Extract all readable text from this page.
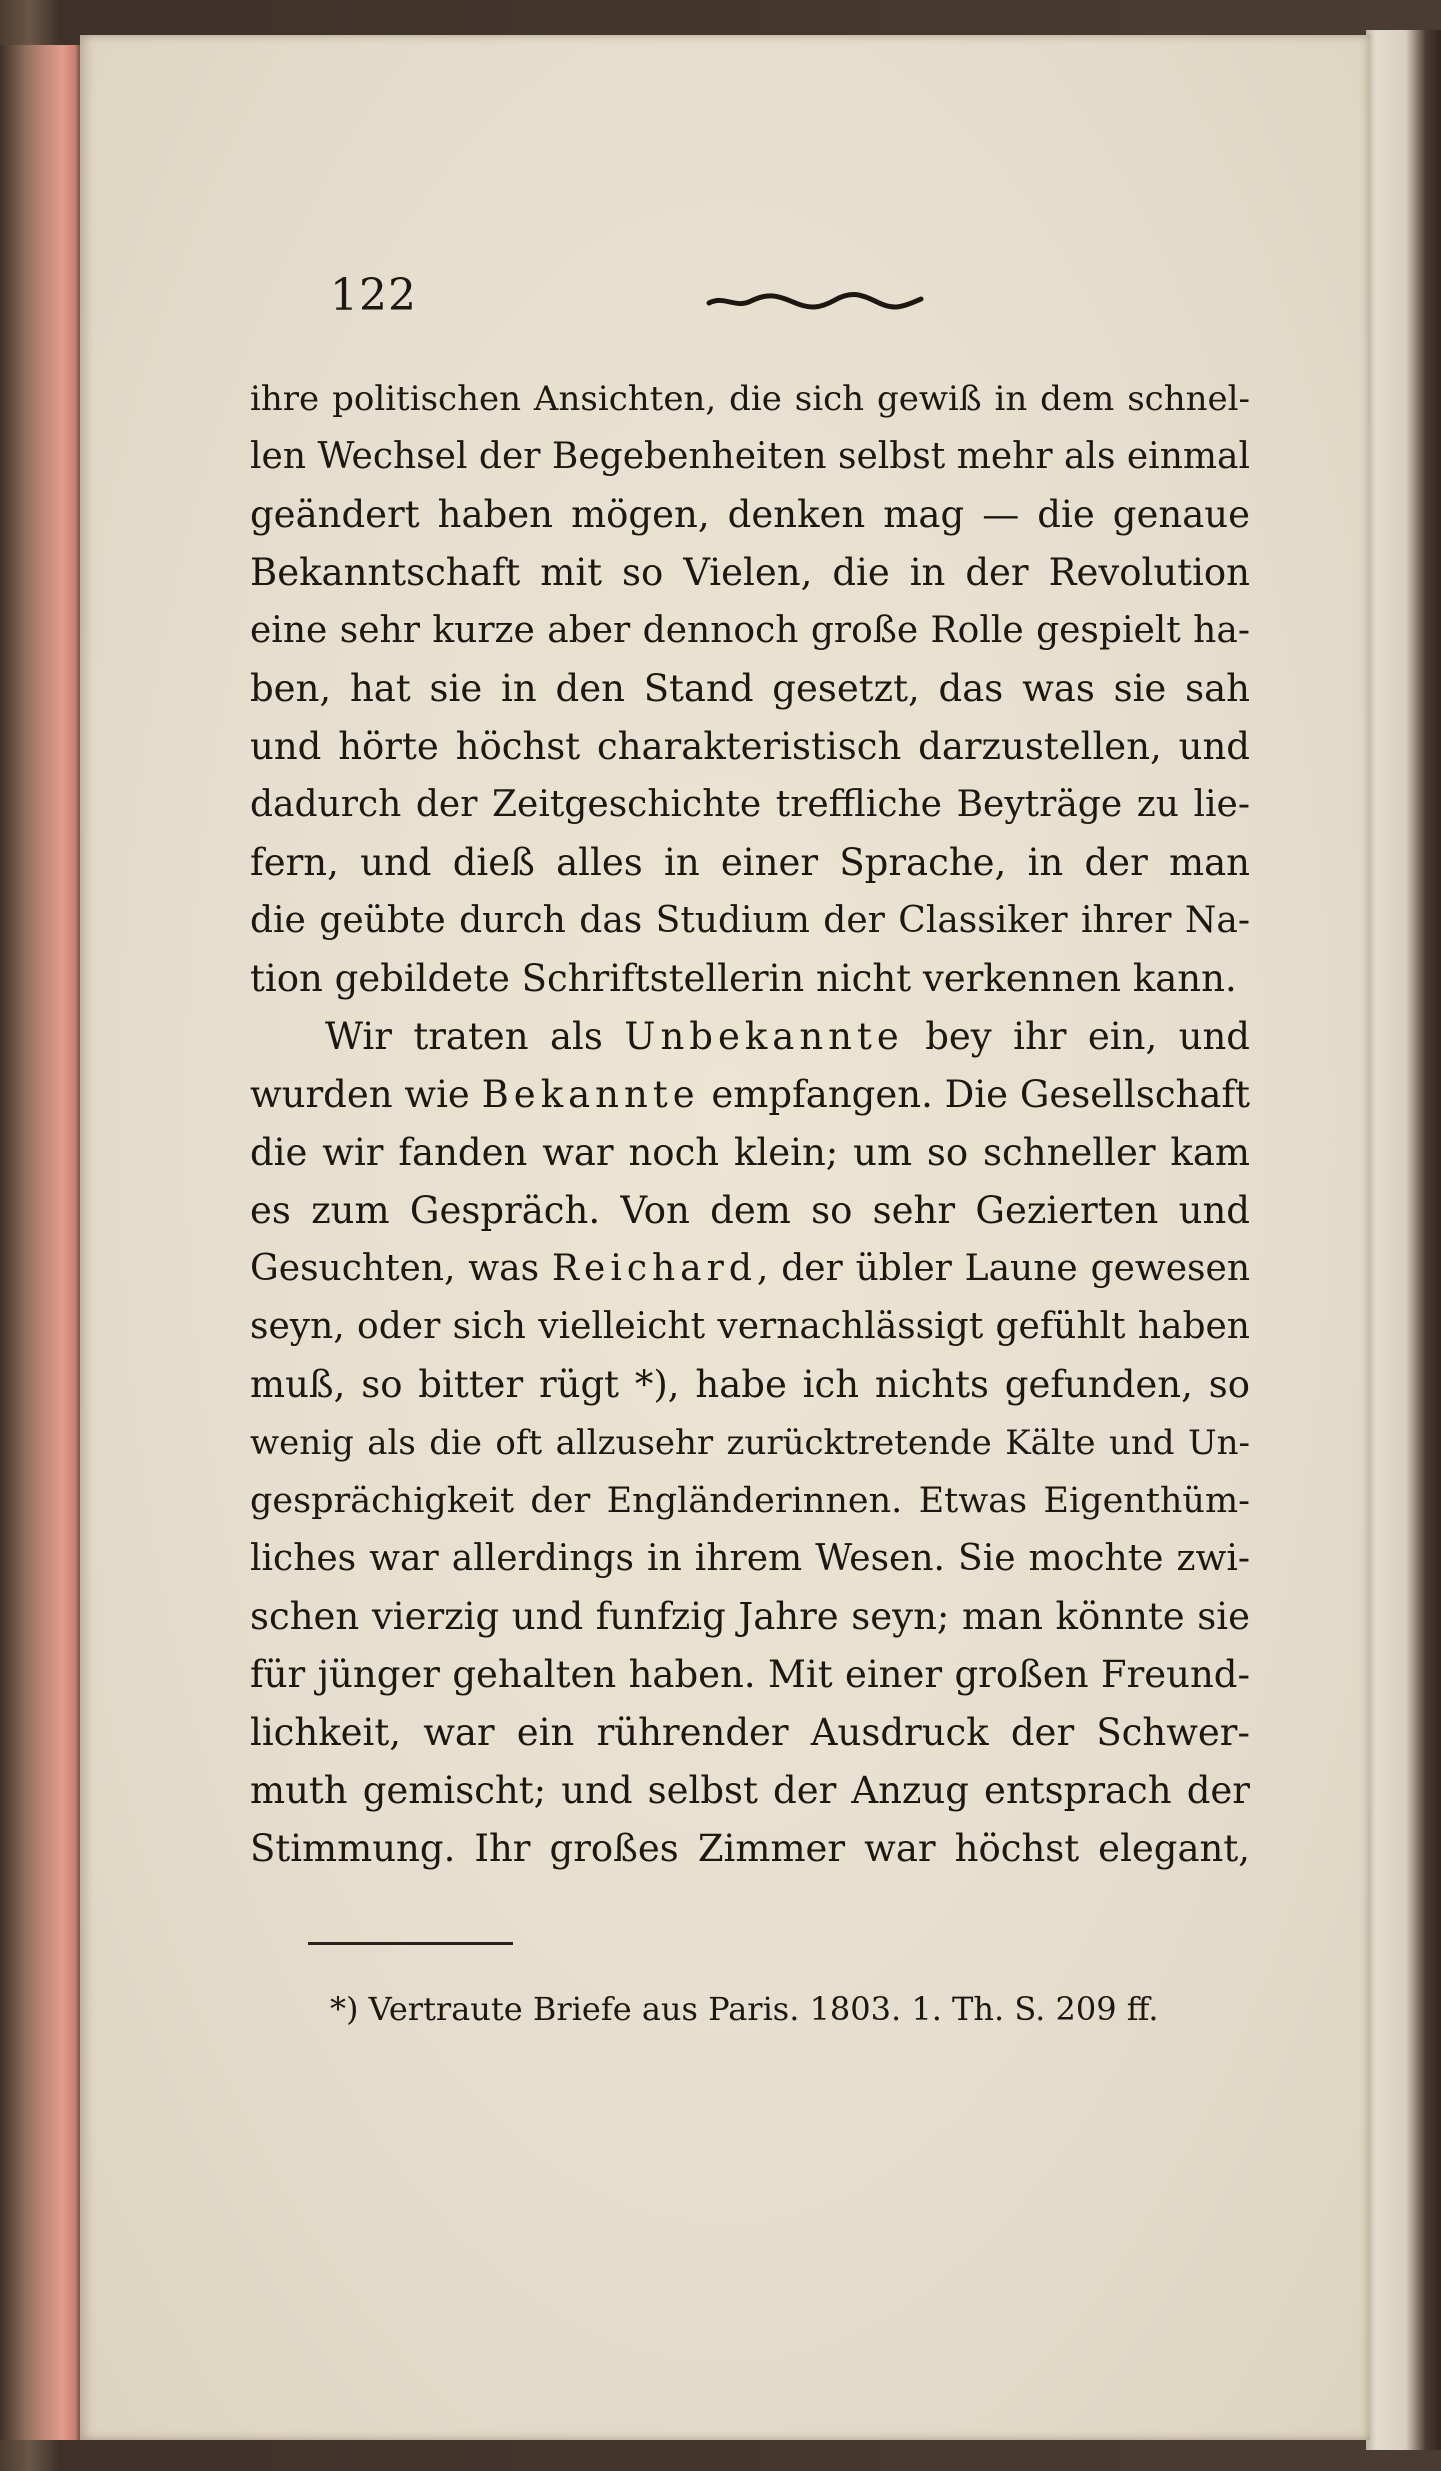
122
ihre politischen Ansichten, die sich gewiß in dem schnel-
len Wechsel der Begebenheiten selbst mehr als einmal
geändert haben mögen, denken mag — die genaue
Bekanntschaft mit so Vielen, die in der Revolution
eine sehr kurze aber dennoch große Rolle gespielt ha-
ben, hat sie in den Stand gesetzt, das was sie sah
und hörte höchst charakteristisch darzustellen, und
dadurch der Zeitgeschichte treffliche Beyträge zu lie-
fern, und dieß alles in einer Sprache, in der man
die geübte durch das Studium der Classiker ihrer Na-
tion gebildete Schriftstellerin nicht verkennen kann.
Wir traten als Unbekannte bey ihr ein, und
wurden wie Bekannte empfangen. Die Gesellschaft
die wir fanden war noch klein; um so schneller kam
es zum Gespräch. Von dem so sehr Gezierten und
Gesuchten, was Reichard, der übler Laune gewesen
seyn, oder sich vielleicht vernachlässigt gefühlt haben
muß, so bitter rügt *), habe ich nichts gefunden, so
wenig als die oft allzusehr zurücktretende Kälte und Un-
gesprächigkeit der Engländerinnen. Etwas Eigenthüm-
liches war allerdings in ihrem Wesen. Sie mochte zwi-
schen vierzig und funfzig Jahre seyn; man könnte sie
für jünger gehalten haben. Mit einer großen Freund-
lichkeit, war ein rührender Ausdruck der Schwer-
muth gemischt; und selbst der Anzug entsprach der
Stimmung. Ihr großes Zimmer war höchst elegant,
*) Vertraute Briefe aus Paris. 1803. 1. Th. S. 209 ff.
